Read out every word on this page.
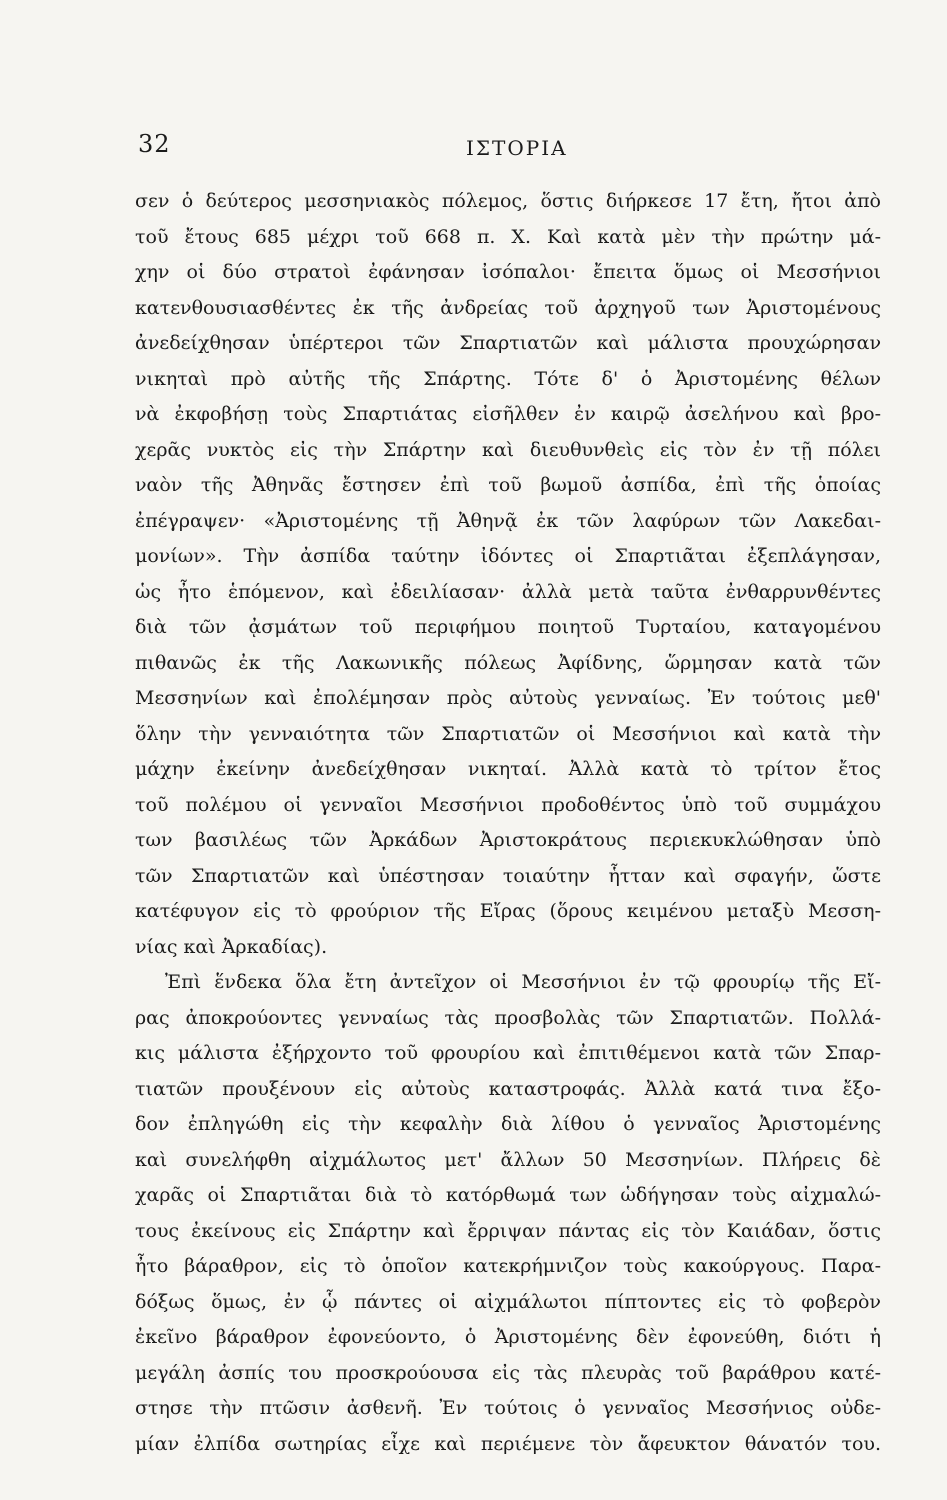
32	ΙΣΤΟΡΙΑ
σεν ὁ δεύτερος μεσσηνιακὸς πόλεμος, ὅστις διήρκεσε 17 ἔτη, ἤτοι ἀπὸ
τοῦ ἔτους 685 μέχρι τοῦ 668 π. Χ. Καὶ κατὰ μὲν τὴν πρώτην μά-
χην οἱ δύο στρατοὶ ἐφάνησαν ἰσόπαλοι· ἔπειτα ὅμως οἱ Μεσσήνιοι
κατενθουσιασθέντες ἐκ τῆς ἀνδρείας τοῦ ἀρχηγοῦ των Ἀριστομένους
ἀνεδείχθησαν ὑπέρτεροι τῶν Σπαρτιατῶν καὶ μάλιστα προυχώρησαν
νικηταὶ πρὸ αὐτῆς τῆς Σπάρτης. Τότε δ' ὁ Ἀριστομένης θέλων
νὰ ἐκφοβήσῃ τοὺς Σπαρτιάτας εἰσῆλθεν ἐν καιρῷ ἀσελήνου καὶ βρο-
χερᾶς νυκτὸς εἰς τὴν Σπάρτην καὶ διευθυνθεὶς εἰς τὸν ἐν τῇ πόλει
ναὸν τῆς Ἀθηνᾶς ἔστησεν ἐπὶ τοῦ βωμοῦ ἀσπίδα, ἐπὶ τῆς ὁποίας
ἐπέγραψεν· «Ἀριστομένης τῇ Ἀθηνᾷ ἐκ τῶν λαφύρων τῶν Λακεδαι-
μονίων». Τὴν ἀσπίδα ταύτην ἰδόντες οἱ Σπαρτιᾶται ἐξεπλάγησαν,
ὡς ἦτο ἑπόμενον, καὶ ἐδειλίασαν· ἀλλὰ μετὰ ταῦτα ἐνθαρρυνθέντες
διὰ τῶν ᾀσμάτων τοῦ περιφήμου ποιητοῦ Τυρταίου, καταγομένου
πιθανῶς ἐκ τῆς Λακωνικῆς πόλεως Ἀφίδνης, ὥρμησαν κατὰ τῶν
Μεσσηνίων καὶ ἐπολέμησαν πρὸς αὐτοὺς γενναίως. Ἐν τούτοις μεθ'
ὅλην τὴν γενναιότητα τῶν Σπαρτιατῶν οἱ Μεσσήνιοι καὶ κατὰ τὴν
μάχην ἐκείνην ἀνεδείχθησαν νικηταί. Ἀλλὰ κατὰ τὸ τρίτον ἔτος
τοῦ πολέμου οἱ γενναῖοι Μεσσήνιοι προδοθέντος ὑπὸ τοῦ συμμάχου
των βασιλέως τῶν Ἀρκάδων Ἀριστοκράτους περιεκυκλώθησαν ὑπὸ
τῶν Σπαρτιατῶν καὶ ὑπέστησαν τοιαύτην ἧτταν καὶ σφαγήν, ὥστε
κατέφυγον εἰς τὸ φρούριον τῆς Εἴρας (ὅρους κειμένου μεταξὺ Μεσση-
νίας καὶ Ἀρκαδίας).
Ἐπὶ ἕνδεκα ὅλα ἔτη ἀντεῖχον οἱ Μεσσήνιοι ἐν τῷ φρουρίῳ τῆς Εἴ-
ρας ἀποκρούοντες γενναίως τὰς προσβολὰς τῶν Σπαρτιατῶν. Πολλά-
κις μάλιστα ἐξήρχοντο τοῦ φρουρίου καὶ ἐπιτιθέμενοι κατὰ τῶν Σπαρ-
τιατῶν προυξένουν εἰς αὐτοὺς καταστροφάς. Ἀλλὰ κατά τινα ἔξο-
δον ἐπληγώθη εἰς τὴν κεφαλὴν διὰ λίθου ὁ γενναῖος Ἀριστομένης
καὶ συνελήφθη αἰχμάλωτος μετ' ἄλλων 50 Μεσσηνίων. Πλήρεις δὲ
χαρᾶς οἱ Σπαρτιᾶται διὰ τὸ κατόρθωμά των ὡδήγησαν τοὺς αἰχμαλώ-
τους ἐκείνους εἰς Σπάρτην καὶ ἔρριψαν πάντας εἰς τὸν Καιάδαν, ὅστις
ἦτο βάραθρον, εἰς τὸ ὁποῖον κατεκρήμνιζον τοὺς κακούργους. Παρα-
δόξως ὅμως, ἐν ᾧ πάντες οἱ αἰχμάλωτοι πίπτοντες εἰς τὸ φοβερὸν
ἐκεῖνο βάραθρον ἐφονεύοντο, ὁ Ἀριστομένης δὲν ἐφονεύθη, διότι ἡ
μεγάλη ἀσπίς του προσκρούουσα εἰς τὰς πλευρὰς τοῦ βαράθρου κατέ-
στησε τὴν πτῶσιν ἀσθενῆ. Ἐν τούτοις ὁ γενναῖος Μεσσήνιος οὐδε-
μίαν ἐλπίδα σωτηρίας εἶχε καὶ περιέμενε τὸν ἄφευκτον θάνατόν του.
